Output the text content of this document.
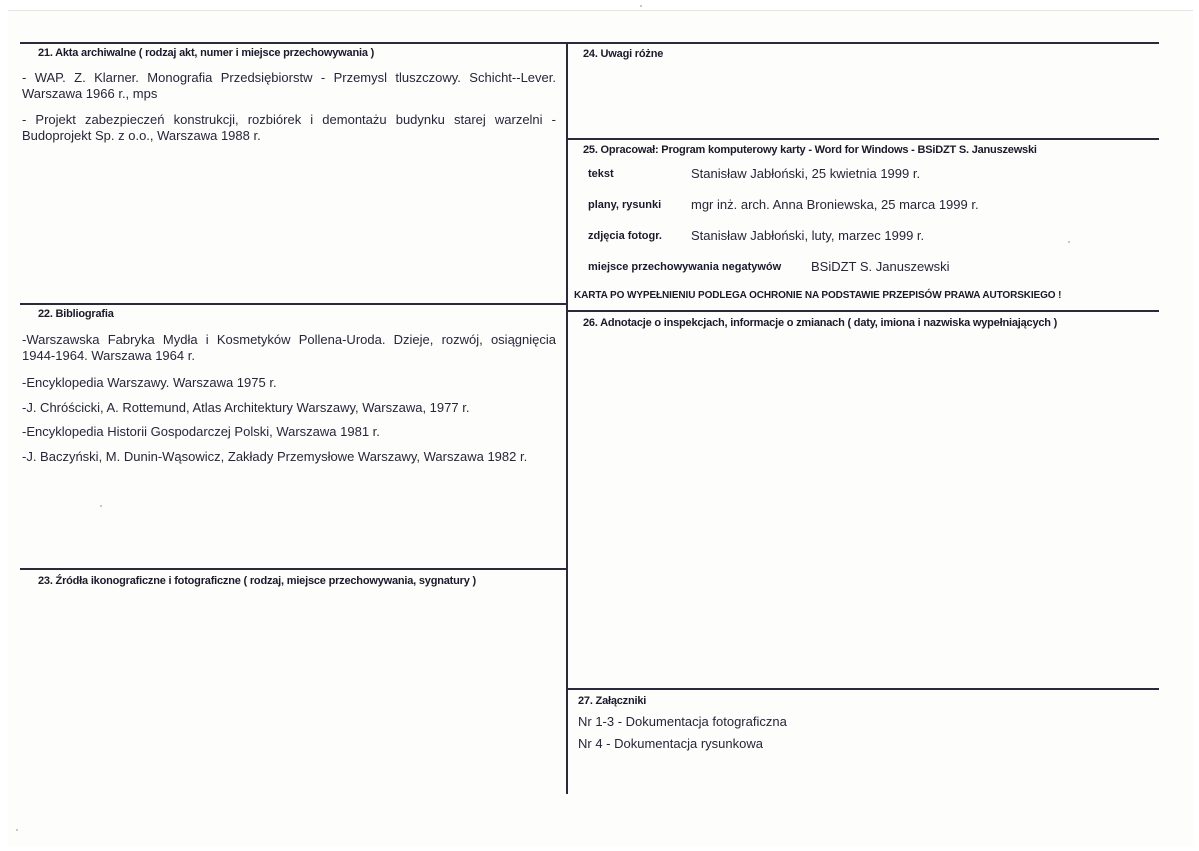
21. Akta archiwalne ( rodzaj akt, numer i miejsce przechowywania )
- WAP. Z. Klarner. Monografia Przedsiębiorstw - Przemysl tluszczowy. Schicht--Lever. Warszawa 1966 r., mps
- Projekt zabezpieczeń konstrukcji, rozbiórek i demontażu budynku starej warzelni - Budoprojekt Sp. z o.o., Warszawa 1988 r.
22. Bibliografia
-Warszawska Fabryka Mydła i Kosmetyków Pollena-Uroda. Dzieje, rozwój, osiągnięcia 1944-1964. Warszawa 1964 r.
-Encyklopedia Warszawy. Warszawa 1975 r.
-J. Chróścicki, A. Rottemund, Atlas Architektury Warszawy, Warszawa, 1977 r.
-Encyklopedia Historii Gospodarczej Polski, Warszawa 1981 r.
-J. Baczyński, M. Dunin-Wąsowicz, Zakłady Przemysłowe Warszawy, Warszawa 1982 r.
23. Źródła ikonograficzne i fotograficzne ( rodzaj, miejsce przechowywania, sygnatury )
24. Uwagi różne
25. Opracował: Program komputerowy karty - Word for Windows - BSiDZT S. Januszewski
tekst	Stanisław Jabłoński, 25 kwietnia 1999 r.
plany, rysunki mgr inż. arch. Anna Broniewska, 25 marca 1999 r.
zdjęcia fotogr. Stanisław Jabłoński, luty, marzec 1999 r.
miejsce przechowywania negatywów BSiDZT S. Januszewski
KARTA PO WYPEŁNIENIU PODLEGA OCHRONIE NA PODSTAWIE PRZEPISÓW PRAWA AUTORSKIEGO !
26. Adnotacje o inspekcjach, informacje o zmianach ( daty, imiona i nazwiska wypełniających )
27. Załączniki
Nr 1-3 - Dokumentacja fotograficzna
Nr 4 - Dokumentacja rysunkowa
